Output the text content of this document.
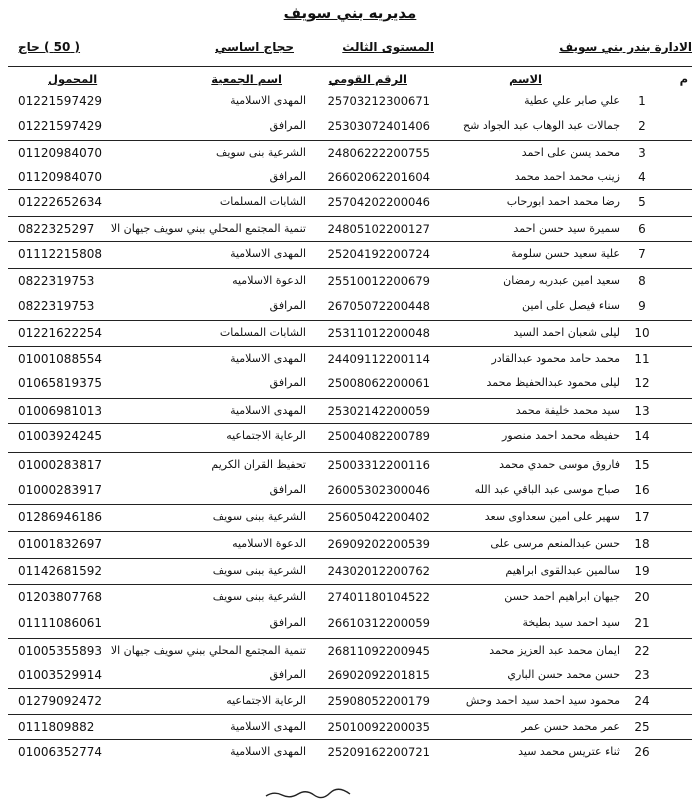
مديريه بني سويف
الادارة بندر بني سويف
المستوى الثالث
حجاج اساسي
( 50 ) حاج
م
الاسم
الرقم القومي
اسم الجمعية
المحمول
1
علي صابر علي عطية
25703212300671
المهدى الاسلامية
01221597429
2
جمالات عبد الوهاب عبد الجواد شح
25303072401406
المرافق
01221597429
3
محمد يسن على احمد
24806222200755
الشرعية بنى سويف
01120984070
4
زينب محمد احمد محمد
26602062201604
المرافق
01120984070
5
رضا محمد احمد ابورحاب
25704202200046
الشابات المسلمات
01222652634
6
سميرة سيد حسن احمد
24805102200127
تنمية المجتمع المحلي ببني سويف جيهان الا
0822325297
7
علية سعيد حسن سلومة
25204192200724
المهدى الاسلامية
01112215808
8
سعيد امين عبدربه رمضان
25510012200679
الدعوة الاسلاميه
0822319753
9
سناء فيصل على امين
26705072200448
المرافق
0822319753
10
ليلى شعبان احمد السيد
25311012200048
الشابات المسلمات
01221622254
11
محمد حامد محمود عبدالقادر
24409112200114
المهدى الاسلامية
01001088554
12
ليلى محمود عبدالحفيظ محمد
25008062200061
المرافق
01065819375
13
سيد محمد خليفة محمد
25302142200059
المهدى الاسلامية
01006981013
14
حفيظه محمد احمد منصور
25004082200789
الرعاية الاجتماعيه
01003924245
15
فاروق موسى حمدي محمد
25003312200116
تحفيظ القران الكريم
01000283817
16
صباح موسى عبد الباقي عبد الله
26005302300046
المرافق
01000283917
17
سهير على امين سعداوى سعد
25605042200402
الشرعية ببنى سويف
01286946186
18
حسن عبدالمنعم مرسى على
26909202200539
الدعوة الاسلاميه
01001832697
19
سالمين عبدالقوى ابراهيم
24302012200762
الشرعية ببنى سويف
01142681592
20
جيهان ابراهيم احمد حسن
27401180104522
الشرعية ببنى سويف
01203807768
21
سيد احمد سيد بطيخة
26610312200059
المرافق
01111086061
22
ايمان محمد عبد العزيز محمد
26811092200945
تنمية المجتمع المحلي ببني سويف جيهان الا
01005355893
23
حسن محمد حسن الباري
26902092201815
المرافق
01003529914
24
محمود سيد احمد سيد احمد وحش
25908052200179
الرعاية الاجتماعيه
01279092472
25
عمر محمد حسن عمر
25010092200035
المهدى الاسلامية
0111809882
26
ثناء عتريس محمد سيد
25209162200721
المهدى الاسلامية
01006352774
